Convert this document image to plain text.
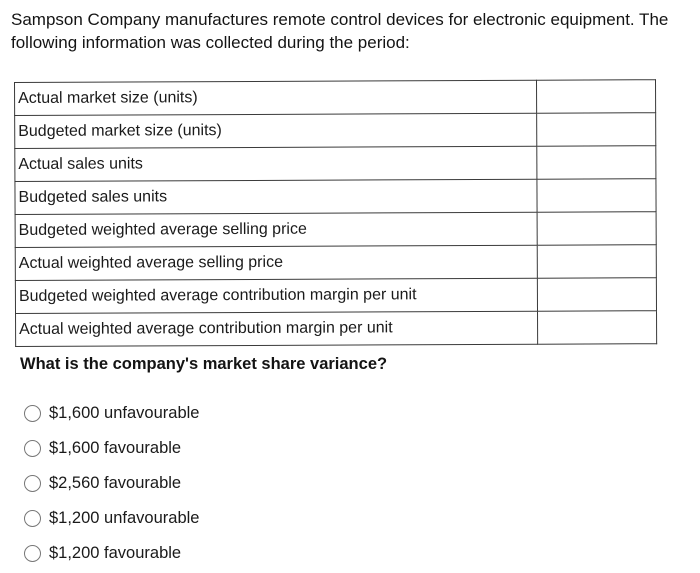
Sampson Company manufactures remote control devices for electronic equipment. The following information was collected during the period:
Actual market size (units)	
Budgeted market size (units)	
Actual sales units	
Budgeted sales units	
Budgeted weighted average selling price	
Actual weighted average selling price	
Budgeted weighted average contribution margin per unit	
Actual weighted average contribution margin per unit	
What is the company's market share variance?
$1,600 unfavourable
$1,600 favourable
$2,560 favourable
$1,200 unfavourable
$1,200 favourable
